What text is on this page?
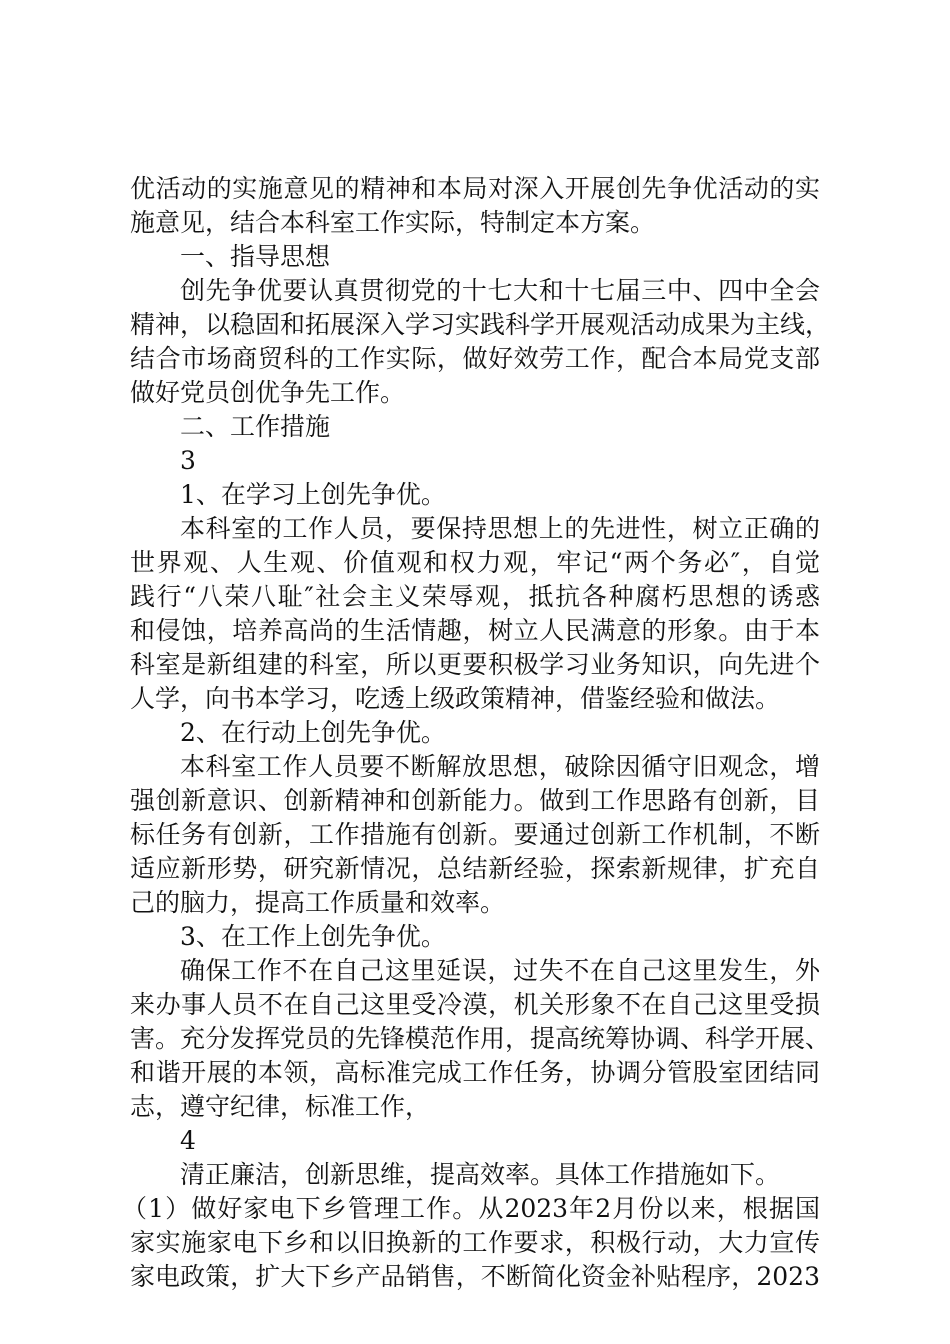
优活动的实施意见的精神和本局对深入开展创先争优活动的实
施意见，结合本科室工作实际，特制定本方案。
一、指导思想
创先争优要认真贯彻党的十七大和十七届三中、四中全会
精神，以稳固和拓展深入学习实践科学开展观活动成果为主线，
结合市场商贸科的工作实际，做好效劳工作，配合本局党支部
做好党员创优争先工作。
二、工作措施
3
1、在学习上创先争优。
本科室的工作人员，要保持思想上的先进性，树立正确的
世界观、人生观、价值观和权力观，牢记“两个务必″，自觉
践行“八荣八耻″社会主义荣辱观，抵抗各种腐朽思想的诱惑
和侵蚀，培养高尚的生活情趣，树立人民满意的形象。由于本
科室是新组建的科室，所以更要积极学习业务知识，向先进个
人学，向书本学习，吃透上级政策精神，借鉴经验和做法。
2、在行动上创先争优。
本科室工作人员要不断解放思想，破除因循守旧观念，增
强创新意识、创新精神和创新能力。做到工作思路有创新，目
标任务有创新，工作措施有创新。要通过创新工作机制，不断
适应新形势，研究新情况，总结新经验，探索新规律，扩充自
己的脑力，提高工作质量和效率。
3、在工作上创先争优。
确保工作不在自己这里延误，过失不在自己这里发生，外
来办事人员不在自己这里受冷漠，机关形象不在自己这里受损
害。充分发挥党员的先锋模范作用，提高统筹协调、科学开展、
和谐开展的本领，高标准完成工作任务，协调分管股室团结同
志，遵守纪律，标准工作，
4
清正廉洁，创新思维，提高效率。具体工作措施如下。
（1）做好家电下乡管理工作。从2023年2月份以来，根据国
家实施家电下乡和以旧换新的工作要求，积极行动，大力宣传
家电政策，扩大下乡产品销售，不断简化资金补贴程序，2023
